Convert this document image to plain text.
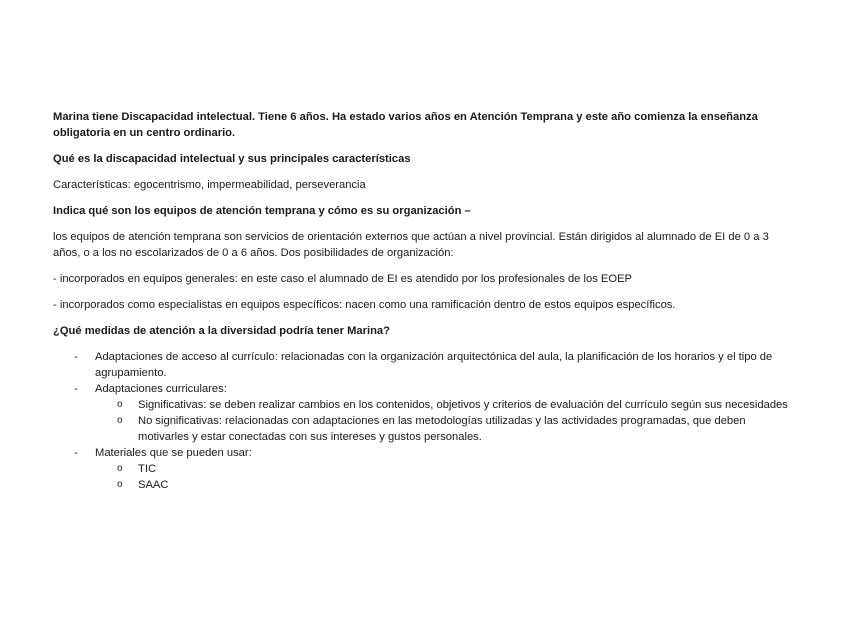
Marina tiene Discapacidad intelectual. Tiene 6 años. Ha estado varios años en Atención Temprana y este año comienza la enseñanza obligatoria en un centro ordinario.

Qué es la discapacidad intelectual y sus principales características

Características: egocentrismo, impermeabilidad, perseverancia

Indica qué son los equipos de atención temprana y cómo es su organización –

los equipos de atención temprana son servicios de orientación externos que actúan a nivel provincial. Están dirigidos al alumnado de EI de 0 a 3 años, o a los no escolarizados de 0 a 6 años. Dos posibilidades de organización:

- incorporados en equipos generales: en este caso el alumnado de EI es atendido por los profesionales de los EOEP

- incorporados como especialistas en equipos específicos: nacen como una ramificación dentro de estos equipos específicos.

¿Qué medidas de atención a la diversidad podría tener Marina?

- Adaptaciones de acceso al currículo: relacionadas con la organización arquitectónica del aula, la planificación de los horarios y el tipo de agrupamiento.
- Adaptaciones curriculares:
o Significativas: se deben realizar cambios en los contenidos, objetivos y criterios de evaluación del currículo según sus necesidades
o No significativas: relacionadas con adaptaciones en las metodologías utilizadas y las actividades programadas, que deben motivarles y estar conectadas con sus intereses y gustos personales.
- Materiales que se pueden usar:
o TIC
o SAAC
